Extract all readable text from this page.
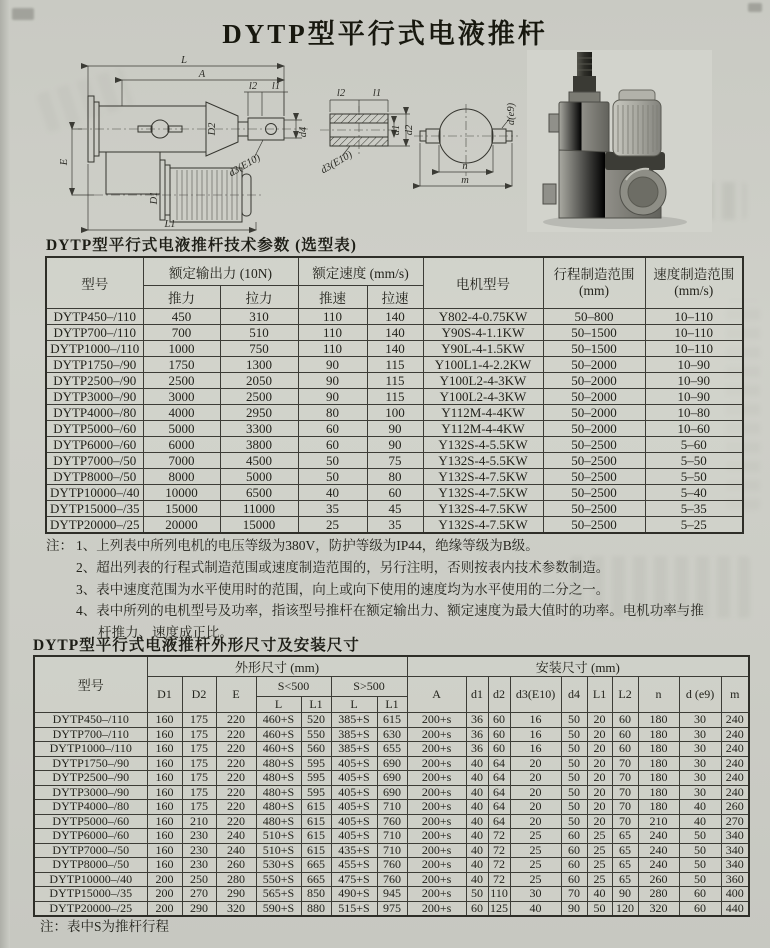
DYTP型平行式电液推杆
L
A
l2 l1
D2	d4
E
D1
L1
d3(E10)
l2	l1
d1 d2
d3(E10)
d(e9)
n
m
DYTP型平行式电液推杆技术参数 (选型表)
型号	额定输出力 (10N)	额定速度 (mm/s)	电机型号	
行程制造范围
(mm)

速度制造范围
(mm/s)

	推力	拉力	推速	拉速			
DYTP450–/110	450	310	110	140	Y802-4-0.75KW	50–800	10–110
DYTP700–/110	700	510	110	140	Y90S-4-1.1KW	50–1500	10–110
DYTP1000–/110	1000	750	110	140	Y90L-4-1.5KW	50–1500	10–110
DYTP1750–/90	1750	1300	90	115	Y100L1-4-2.2KW	50–2000	10–90
DYTP2500–/90	2500	2050	90	115	Y100L2-4-3KW	50–2000	10–90
DYTP3000–/90	3000	2500	90	115	Y100L2-4-3KW	50–2000	10–90
DYTP4000–/80	4000	2950	80	100	Y112M-4-4KW	50–2000	10–80
DYTP5000–/60	5000	3300	60	90	Y112M-4-4KW	50–2000	10–60
DYTP6000–/60	6000	3800	60	90	Y132S-4-5.5KW	50–2500	5–60
DYTP7000–/50	7000	4500	50	75	Y132S-4-5.5KW	50–2500	5–50
DYTP8000–/50	8000	5000	50	80	Y132S-4-7.5KW	50–2500	5–50
DYTP10000–/40	10000	6500	40	60	Y132S-4-7.5KW	50–2500	5–40
DYTP15000–/35	15000	11000	35	45	Y132S-4-7.5KW	50–2500	5–35
DYTP20000–/25	20000	15000	25	35	Y132S-4-7.5KW	50–2500	5–25
注： 1、上列表中所列电机的电压等级为380V，防护等级为IP44，绝缘等级为B级。
2、超出列表的行程式制造范围或速度制造范围的，另行注明，否则按表内技术参数制造。
3、表中速度范围为水平使用时的范围，向上或向下使用的速度均为水平使用的二分之一。
4、表中所列的电机型号及功率，指该型号推杆在额定输出力、额定速度为最大值时的功率。电机功率与推杆推力、速度成正比。
DYTP型平行式电液推杆外形尺寸及安装尺寸
型号	外形尺寸 (mm)							安装尺寸 (mm)									
	D1	D2	E	S<500		S>500		A	d1	d2	d3(E10)	d4	L1	L2	n	d (e9)	m
				L	L1	L	L1										
DYTP450–/110	160	175	220	460+S	520	385+S	615	200+s	36	60	16	50	20	60	180	30	240
DYTP700–/110	160	175	220	460+S	550	385+S	630	200+s	36	60	16	50	20	60	180	30	240
DYTP1000–/110	160	175	220	460+S	560	385+S	655	200+s	36	60	16	50	20	60	180	30	240
DYTP1750–/90	160	175	220	480+S	595	405+S	690	200+s	40	64	20	50	20	70	180	30	240
DYTP2500–/90	160	175	220	480+S	595	405+S	690	200+s	40	64	20	50	20	70	180	30	240
DYTP3000–/90	160	175	220	480+S	595	405+S	690	200+s	40	64	20	50	20	70	180	30	240
DYTP4000–/80	160	175	220	480+S	615	405+S	710	200+s	40	64	20	50	20	70	180	40	260
DYTP5000–/60	160	210	220	480+S	615	405+S	760	200+s	40	64	20	50	20	70	210	40	270
DYTP6000–/60	160	230	240	510+S	615	405+S	710	200+s	40	72	25	60	25	65	240	50	340
DYTP7000–/50	160	230	240	510+S	615	435+S	710	200+s	40	72	25	60	25	65	240	50	340
DYTP8000–/50	160	230	260	530+S	665	455+S	760	200+s	40	72	25	60	25	65	240	50	340
DYTP10000–/40	200	250	280	550+S	665	475+S	760	200+s	40	72	25	60	25	65	260	50	360
DYTP15000–/35	200	270	290	565+S	850	490+S	945	200+s	50	110	30	70	40	90	280	60	400
DYTP20000–/25	200	290	320	590+S	880	515+S	975	200+s	60	125	40	90	50	120	320	60	440
注：表中S为推杆行程
